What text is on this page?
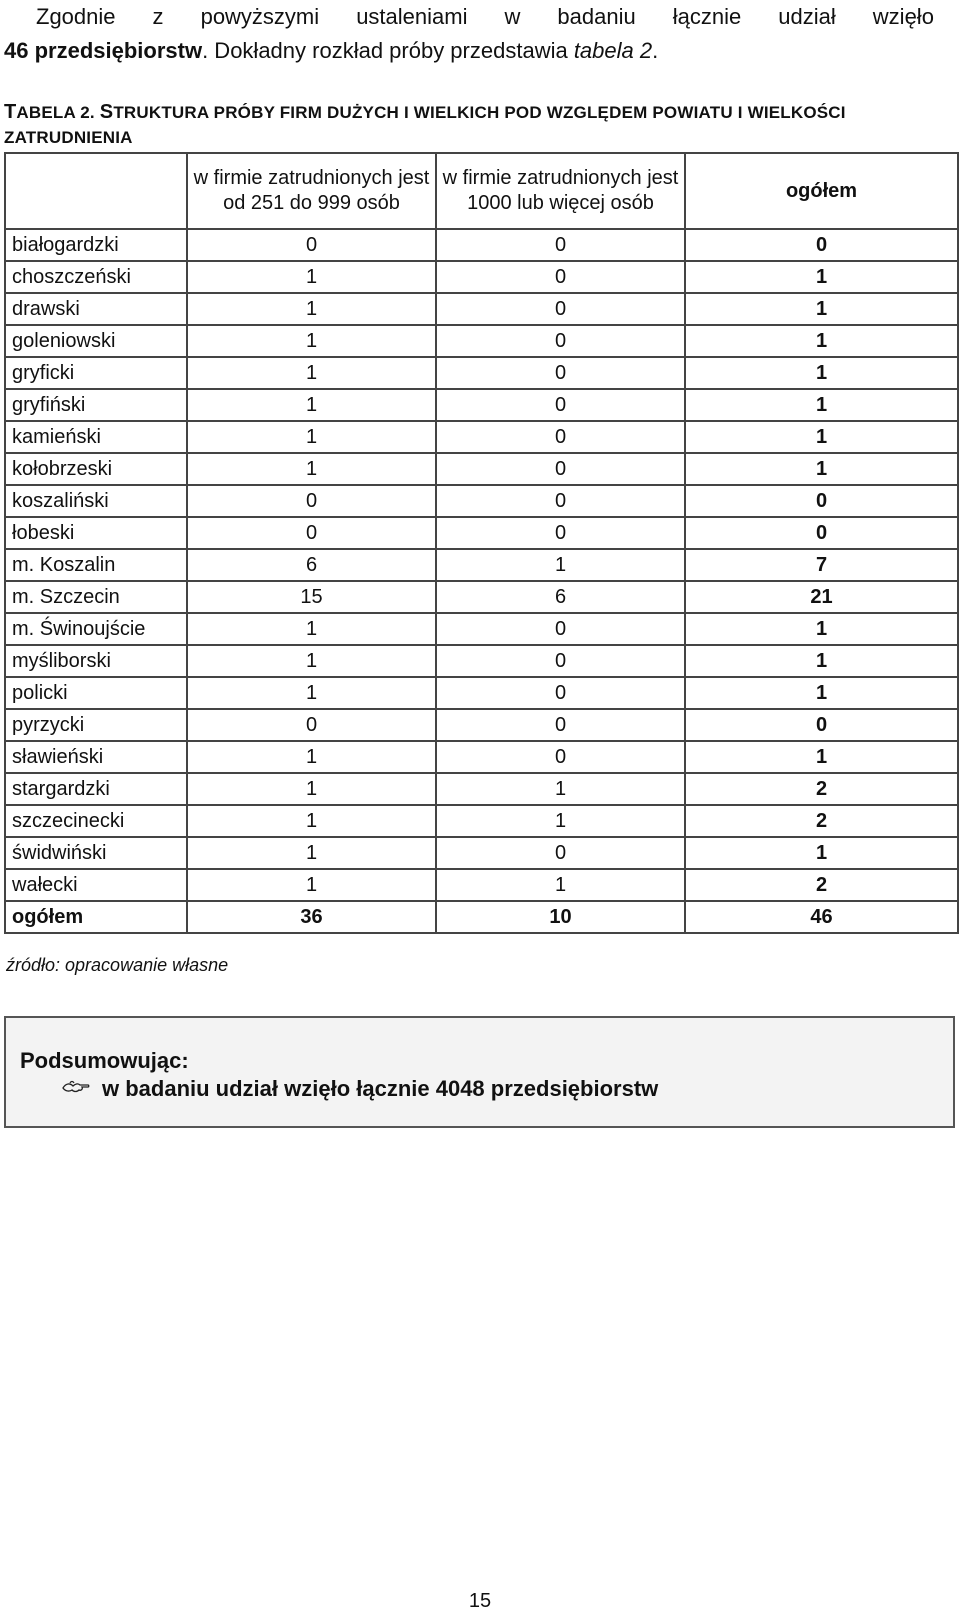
Zgodnie z powyższymi ustaleniami w badaniu łącznie udział wzięło
46 przedsiębiorstw. Dokładny rozkład próby przedstawia tabela 2.
TABELA 2. STRUKTURA PRÓBY FIRM DUŻYCH I WIELKICH POD WZGLĘDEM POWIATU I WIELKOŚCI ZATRUDNIENIA
	w firmie zatrudnionych jest od 251 do 999 osób	w firmie zatrudnionych jest 1000 lub więcej osób	ogółem
białogardzki	0	0	0
choszczeński	1	0	1
drawski	1	0	1
goleniowski	1	0	1
gryficki	1	0	1
gryfiński	1	0	1
kamieński	1	0	1
kołobrzeski	1	0	1
koszaliński	0	0	0
łobeski	0	0	0
m. Koszalin	6	1	7
m. Szczecin	15	6	21
m. Świnoujście	1	0	1
myśliborski	1	0	1
policki	1	0	1
pyrzycki	0	0	0
sławieński	1	0	1
stargardzki	1	1	2
szczecinecki	1	1	2
świdwiński	1	0	1
wałecki	1	1	2
ogółem	36	10	46
źródło: opracowanie własne
Podsumowując:
w badaniu udział wzięło łącznie 4048 przedsiębiorstw
15
